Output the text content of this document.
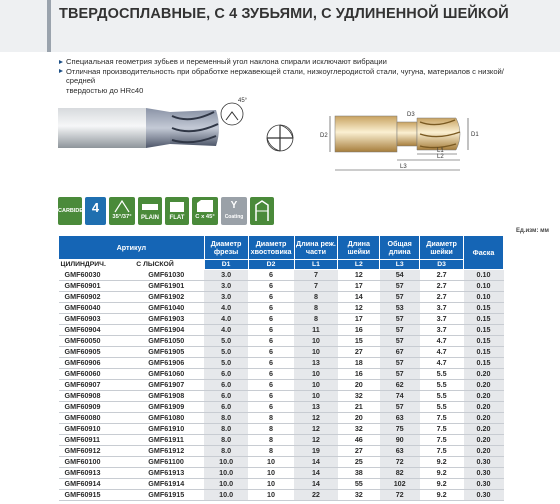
ТВЕРДОСПЛАВНЫЕ, С 4 ЗУБЬЯМИ, С УДЛИНЕННОЙ ШЕЙКОЙ
Специальная геометрия зубьев и переменный угол наклона спирали исключают вибрации
Отличная производительность при обработке нержавеющей стали, низкоуглеродистой стали, чугуна, материалов с низкой/средней
твердостью до HRc40
45°
D2	D1
D3
L1
L2
L3
CARBIDE 4
35°/37°	PLAIN	FLAT	C x 45°
Y
Coating
Ед.изм: мм
Артикул		Диаметр фрезы	Диаметр хвостовика	Длина реж. части	Длина шейки	Общая длина	Диаметр шейки	Фаска
ЦИЛИНДРИЧ.	С ЛЫСКОЙ	D1	D2	L1	L2	L3	D3	
GMF60030	GMF61030	3.0	6	7	12	54	2.7	0.10
GMF60901	GMF61901	3.0	6	7	17	57	2.7	0.10
GMF60902	GMF61902	3.0	6	8	14	57	2.7	0.10
GMF60040	GMF61040	4.0	6	8	12	53	3.7	0.15
GMF60903	GMF61903	4.0	6	8	17	57	3.7	0.15
GMF60904	GMF61904	4.0	6	11	16	57	3.7	0.15
GMF60050	GMF61050	5.0	6	10	15	57	4.7	0.15
GMF60905	GMF61905	5.0	6	10	27	67	4.7	0.15
GMF60906	GMF61906	5.0	6	13	18	57	4.7	0.15
GMF60060	GMF61060	6.0	6	10	16	57	5.5	0.20
GMF60907	GMF61907	6.0	6	10	20	62	5.5	0.20
GMF60908	GMF61908	6.0	6	10	32	74	5.5	0.20
GMF60909	GMF61909	6.0	6	13	21	57	5.5	0.20
GMF60080	GMF61080	8.0	8	12	20	63	7.5	0.20
GMF60910	GMF61910	8.0	8	12	32	75	7.5	0.20
GMF60911	GMF61911	8.0	8	12	46	90	7.5	0.20
GMF60912	GMF61912	8.0	8	19	27	63	7.5	0.20
GMF60100	GMF61100	10.0	10	14	25	72	9.2	0.30
GMF60913	GMF61913	10.0	10	14	38	82	9.2	0.30
GMF60914	GMF61914	10.0	10	14	55	102	9.2	0.30
GMF60915	GMF61915	10.0	10	22	32	72	9.2	0.30
